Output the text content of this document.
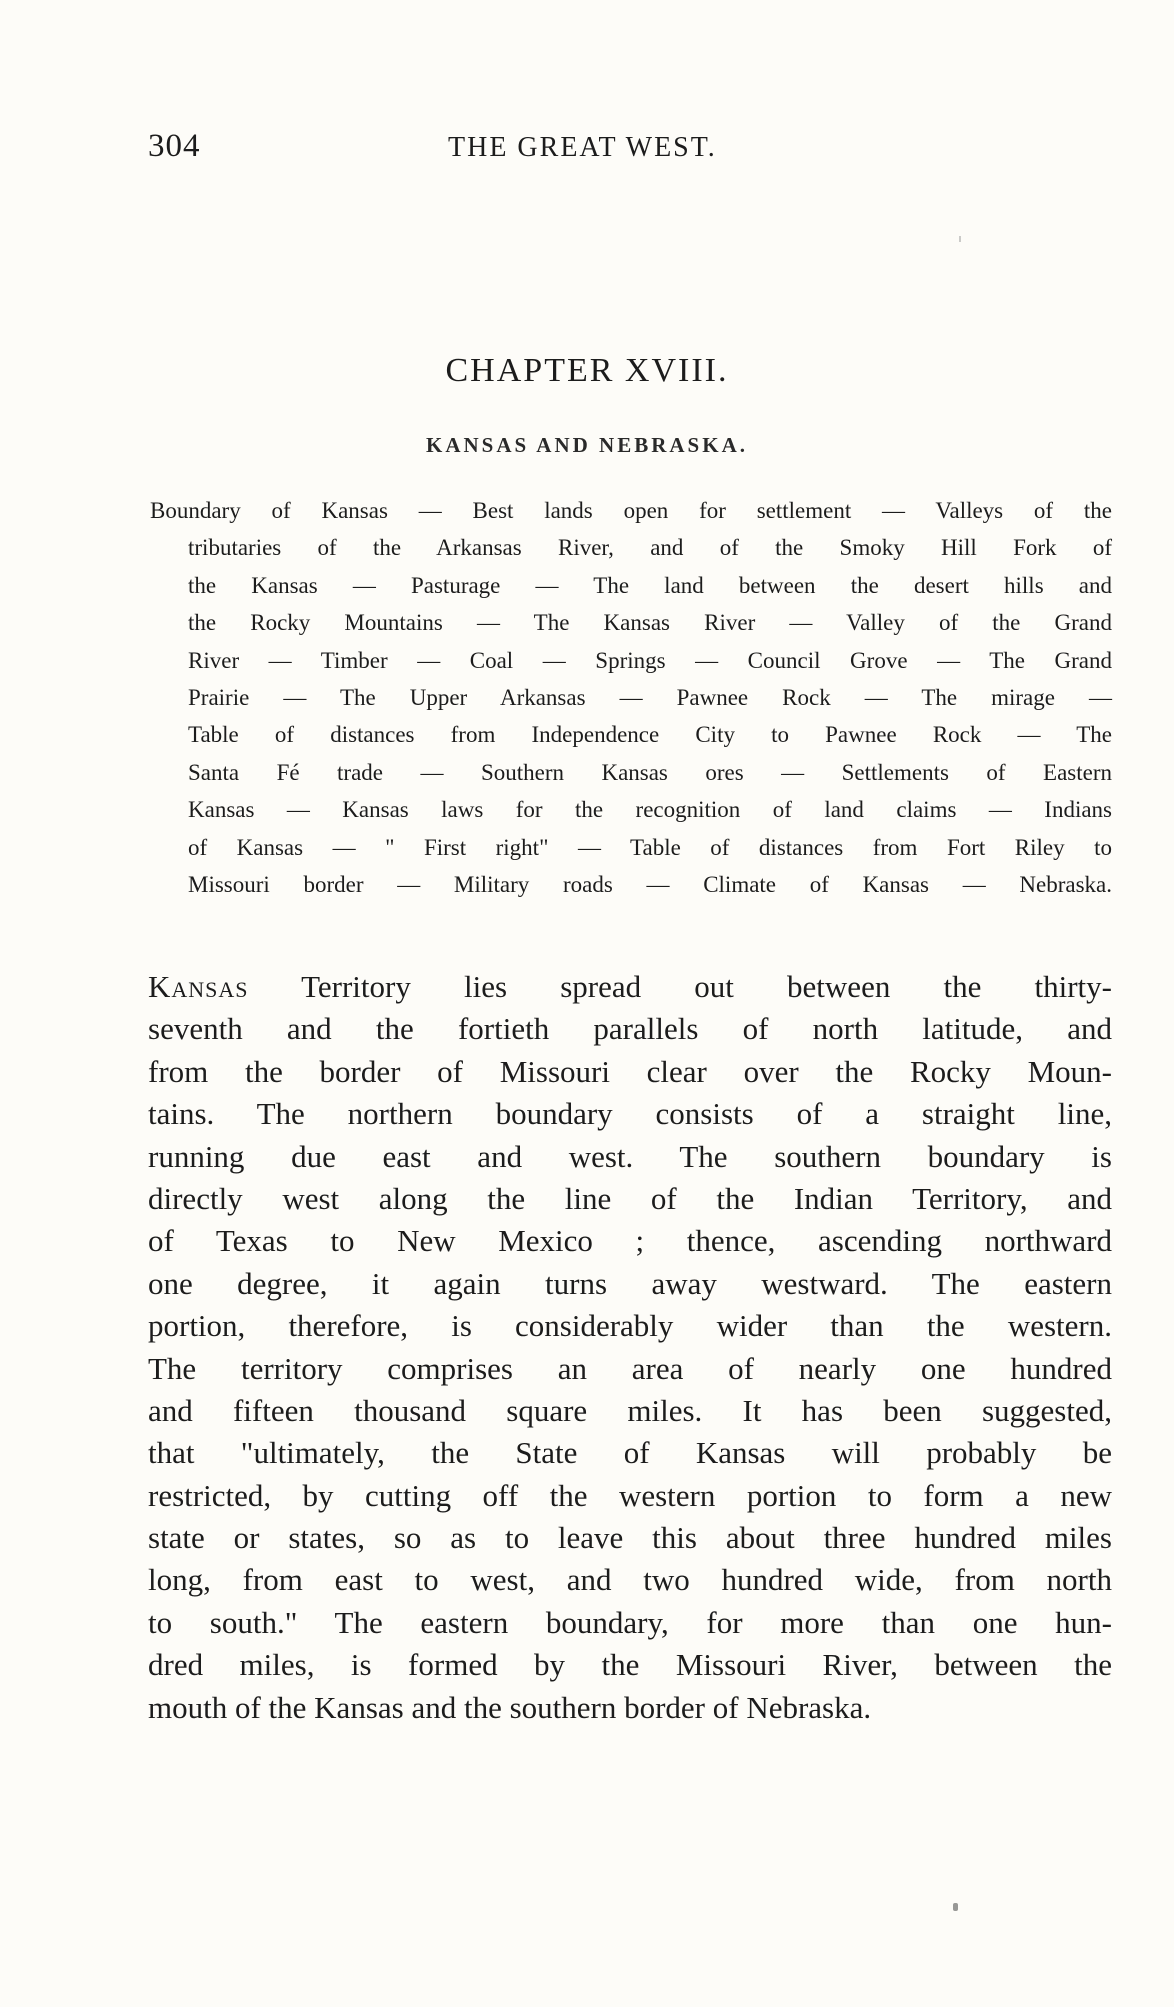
304	THE GREAT WEST.
CHAPTER XVIII.
KANSAS AND NEBRASKA.
Boundary of Kansas — Best lands open for settlement — Valleys of the
tributaries of the Arkansas River, and of the Smoky Hill Fork of
the Kansas — Pasturage — The land between the desert hills and
the Rocky Mountains — The Kansas River — Valley of the Grand
River — Timber — Coal — Springs — Council Grove — The Grand
Prairie — The Upper Arkansas — Pawnee Rock — The mirage —
Table of distances from Independence City to Pawnee Rock — The
Santa Fé trade — Southern Kansas ores — Settlements of Eastern
Kansas — Kansas laws for the recognition of land claims — Indians
of Kansas — " First right" — Table of distances from Fort Riley to
Missouri border — Military roads — Climate of Kansas — Nebraska.
Kansas Territory lies spread out between the thirty-
seventh and the fortieth parallels of north latitude, and
from the border of Missouri clear over the Rocky Moun-
tains. The northern boundary consists of a straight line,
running due east and west. The southern boundary is
directly west along the line of the Indian Territory, and
of Texas to New Mexico ; thence, ascending northward
one degree, it again turns away westward. The eastern
portion, therefore, is considerably wider than the western.
The territory comprises an area of nearly one hundred
and fifteen thousand square miles. It has been suggested,
that "ultimately, the State of Kansas will probably be
restricted, by cutting off the western portion to form a new
state or states, so as to leave this about three hundred miles
long, from east to west, and two hundred wide, from north
to south." The eastern boundary, for more than one hun-
dred miles, is formed by the Missouri River, between the
mouth of the Kansas and the southern border of Nebraska.
